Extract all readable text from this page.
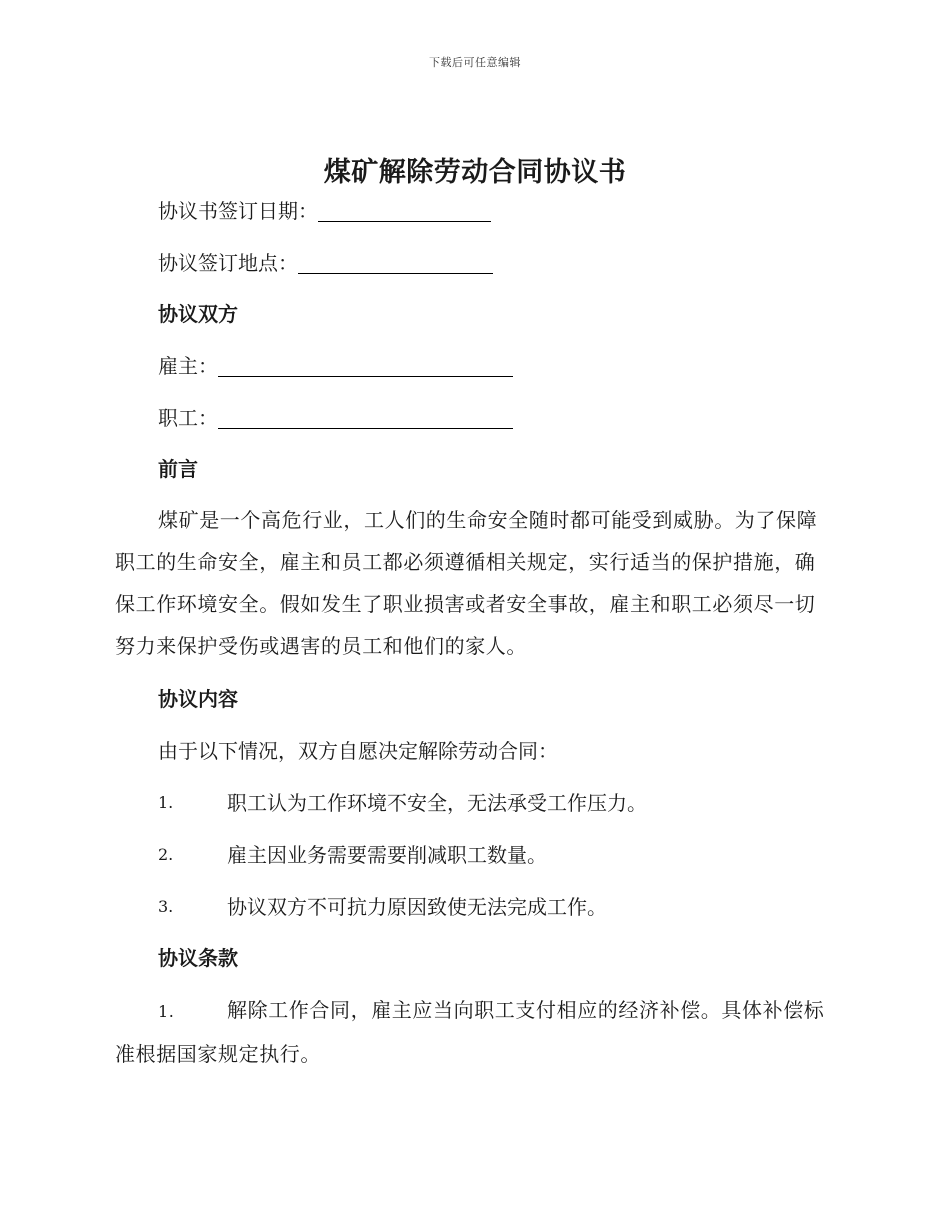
下载后可任意编辑
煤矿解除劳动合同协议书
协议书签订日期：
协议签订地点：
协议双方
雇主：
职工：
前言
煤矿是一个高危行业，工人们的生命安全随时都可能受到威胁。为了保障职工的生命安全，雇主和员工都必须遵循相关规定，实行适当的保护措施，确保工作环境安全。假如发生了职业损害或者安全事故，雇主和职工必须尽一切努力来保护受伤或遇害的员工和他们的家人。
协议内容
由于以下情况，双方自愿决定解除劳动合同：
1.	职工认为工作环境不安全，无法承受工作压力。
2.	雇主因业务需要需要削减职工数量。
3.	协议双方不可抗力原因致使无法完成工作。
协议条款
1.	解除工作合同，雇主应当向职工支付相应的经济补偿。具体补偿标准根据国家规定执行。
